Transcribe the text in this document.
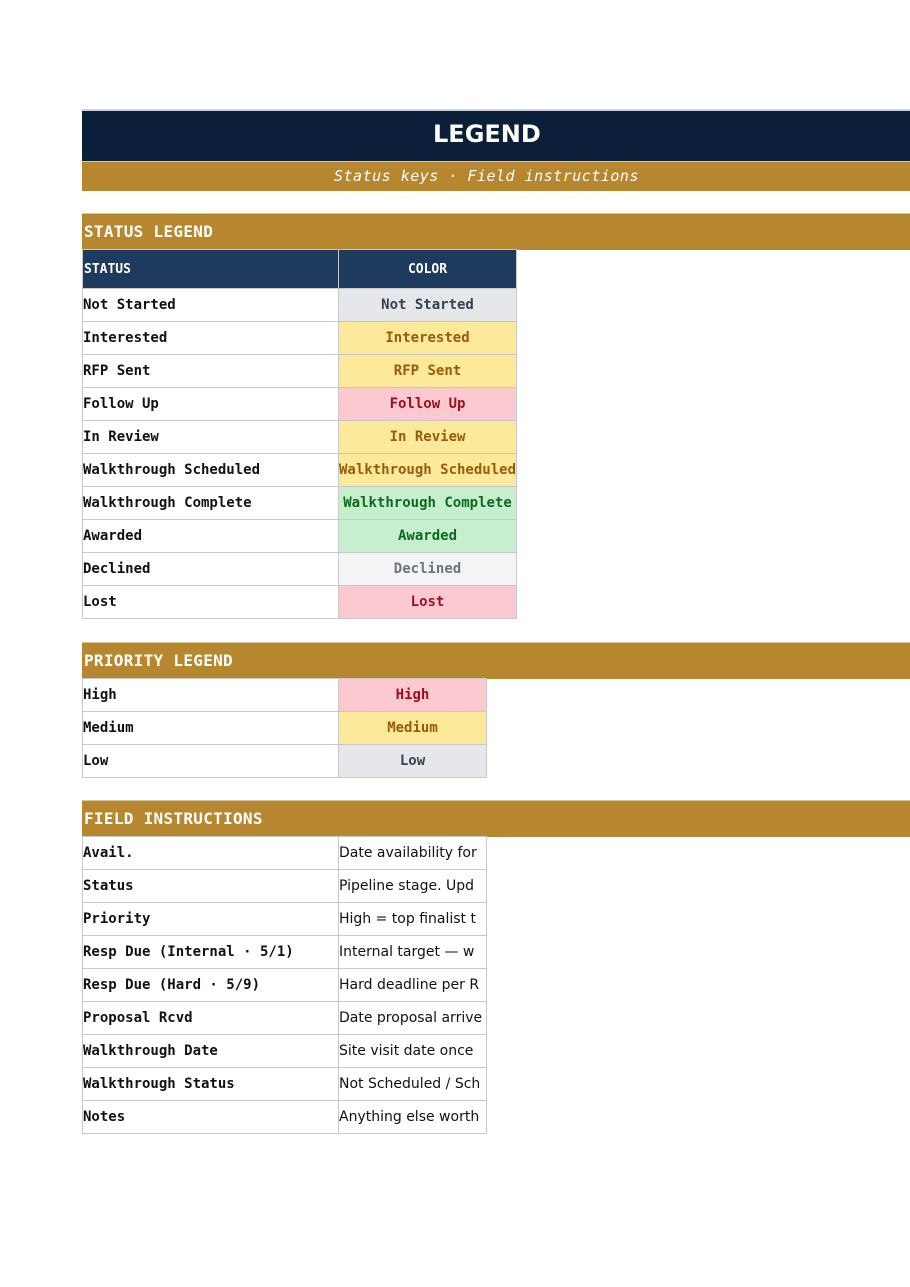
LEGEND
Status keys · Field instructions
STATUS LEGEND
STATUS	COLOR
Not Started	Not Started
Interested	Interested
RFP Sent	RFP Sent
Follow Up	Follow Up
In Review	In Review
Walkthrough Scheduled	Walkthrough Scheduled
Walkthrough Complete	Walkthrough Complete
Awarded	Awarded
Declined	Declined
Lost	Lost
PRIORITY LEGEND
High	High
Medium	Medium
Low	Low
FIELD INSTRUCTIONS
Avail.	Date availability for
Status	Pipeline stage. Upd
Priority	High = top finalist t
Resp Due (Internal · 5/1)	Internal target — w
Resp Due (Hard · 5/9)	Hard deadline per R
Proposal Rcvd	Date proposal arrive
Walkthrough Date	Site visit date once
Walkthrough Status	Not Scheduled / Sch
Notes	Anything else worth
